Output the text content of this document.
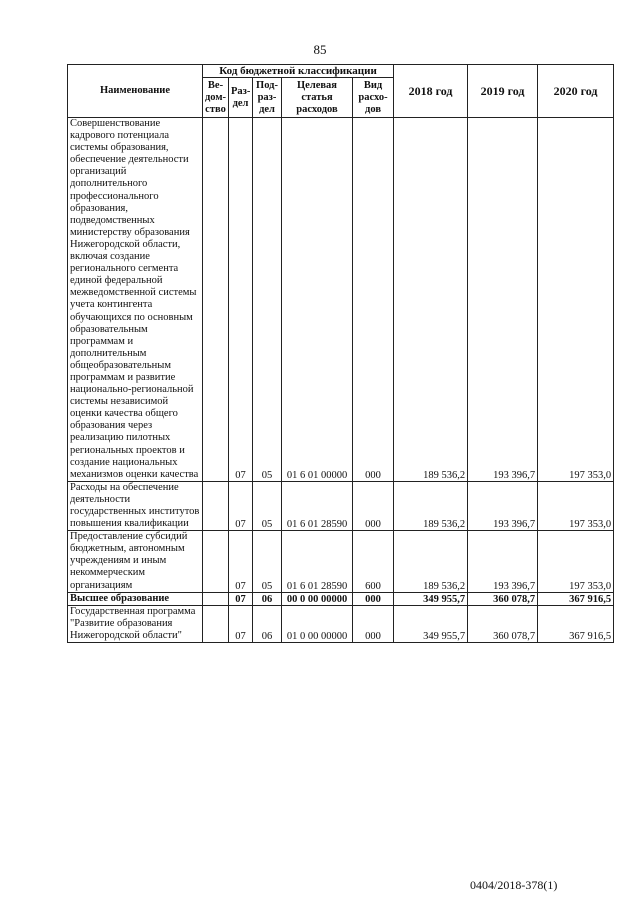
85
Наименование	Код бюджетной классификации					2018 год	2019 год	2020 год
	Ве-дом-ство	Раз-дел	Под-раз-дел	Целевая статья расходов	Вид расхо-дов			
Совершенствование кадрового потенциала системы образования, обеспечение деятельности организаций дополнительного профессионального образования, подведомственных министерству образования Нижегородской области, включая создание регионального сегмента единой федеральной межведомственной системы учета контингента обучающихся по основным образовательным программам и дополнительным общеобразовательным программам и развитие национально-региональной системы независимой оценки качества общего образования через реализацию пилотных региональных проектов и создание национальных механизмов оценки качества		07	05	01 6 01 00000	000	189 536,2	193 396,7	197 353,0
Расходы на обеспечение деятельности государственных институтов повышения квалификации		07	05	01 6 01 28590	000	189 536,2	193 396,7	197 353,0
Предоставление субсидий бюджетным, автономным учреждениям и иным некоммерческим организациям		07	05	01 6 01 28590	600	189 536,2	193 396,7	197 353,0
Высшее образование		07	06	00 0 00 00000	000	349 955,7	360 078,7	367 916,5
Государственная программа "Развитие образования Нижегородской области"		07	06	01 0 00 00000	000	349 955,7	360 078,7	367 916,5
0404/2018-378(1)
